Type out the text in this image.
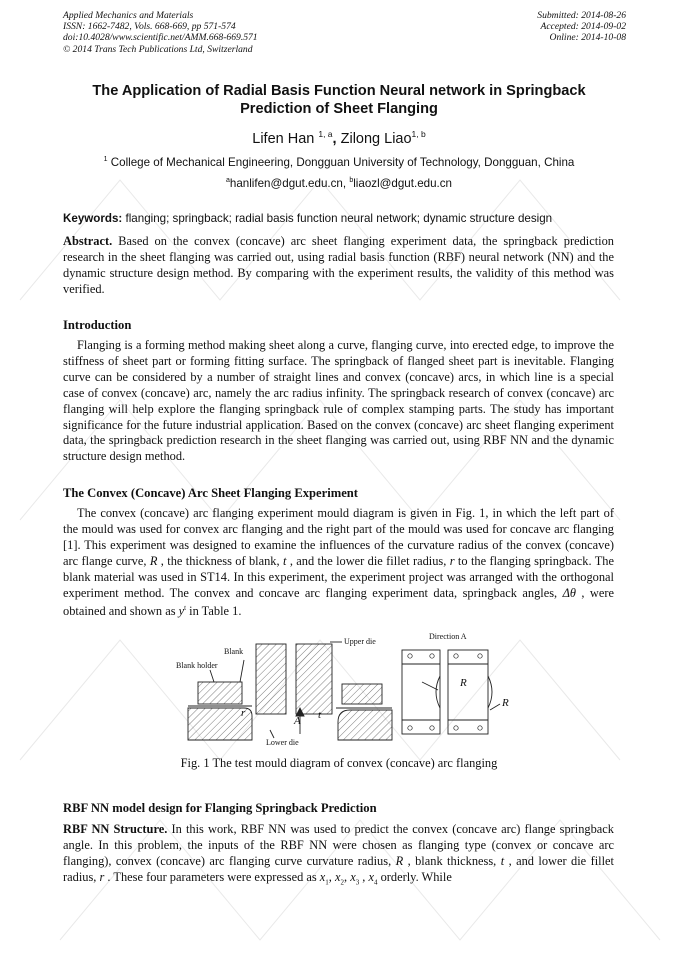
Applied Mechanics and Materials
ISSN: 1662-7482, Vols. 668-669, pp 571-574
doi:10.4028/www.scientific.net/AMM.668-669.571
© 2014 Trans Tech Publications Ltd, Switzerland
Submitted: 2014-08-26
Accepted: 2014-09-02
Online: 2014-10-08
The Application of Radial Basis Function Neural network in Springback
Prediction of Sheet Flanging
Lifen Han $^{1, a}$, Zilong Liao$^{1, b}$
$^1$ College of Mechanical Engineering, Dongguan University of Technology, Dongguan, China
$^a$hanlifen@dgut.edu.cn, $^b$liaozl@dgut.edu.cn
Keywords: flanging; springback; radial basis function neural network; dynamic structure design
Abstract. Based on the convex (concave) arc sheet flanging experiment data, the springback prediction research in the sheet flanging was carried out, using radial basis function (RBF) neural network (NN) and the dynamic structure design method. By comparing with the experiment results, the validity of this method was verified.
Introduction
Flanging is a forming method making sheet along a curve, flanging curve, into erected edge, to improve the stiffness of sheet part or forming fitting surface. The springback of flanged sheet part is inevitable. Flanging curve can be considered by a number of straight lines and convex (concave) arcs, in which line is a special case of convex (concave) arc, namely the arc radius infinity. The springback research of convex (concave) arc flanging will help explore the flanging springback rule of complex stamping parts. The study has important significance for the future industrial application. Based on the convex (concave) arc sheet flanging experiment data, the springback prediction research in the sheet flanging was carried out, using RBF NN and the dynamic structure design method.
The Convex (Concave) Arc Sheet Flanging Experiment
The convex (concave) arc flanging experiment mould diagram is given in Fig. 1, in which the left part of the mould was used for convex arc flanging and the right part of the mould was used for concave arc flanging [1]. This experiment was designed to examine the influences of the curvature radius of the convex (concave) arc flange curve, R , the thickness of blank, t , and the lower die fillet radius, r to the flanging springback. The blank material was used in ST14. In this experiment, the experiment project was arranged with the orthogonal experiment method. The convex and concave arc flanging experiment data, springback angles, Δθ , were obtained and shown as $y^t$ in Table 1.
Upper die
Blank
Blank holder
Lower die
Direction A
A t
r
R
R
Fig. 1 The test mould diagram of convex (concave) arc flanging
RBF NN model design for Flanging Springback Prediction
RBF NN Structure. In this work, RBF NN was used to predict the convex (concave arc) flange springback angle. In this problem, the inputs of the RBF NN were chosen as flanging type (convex or concave arc flanging), convex (concave) arc flanging curve curvature radius, R , blank thickness, t , and lower die fillet radius, r . These four parameters were expressed as $x_1$, $x_2$, $x_3$ , $x_4$ orderly. While
